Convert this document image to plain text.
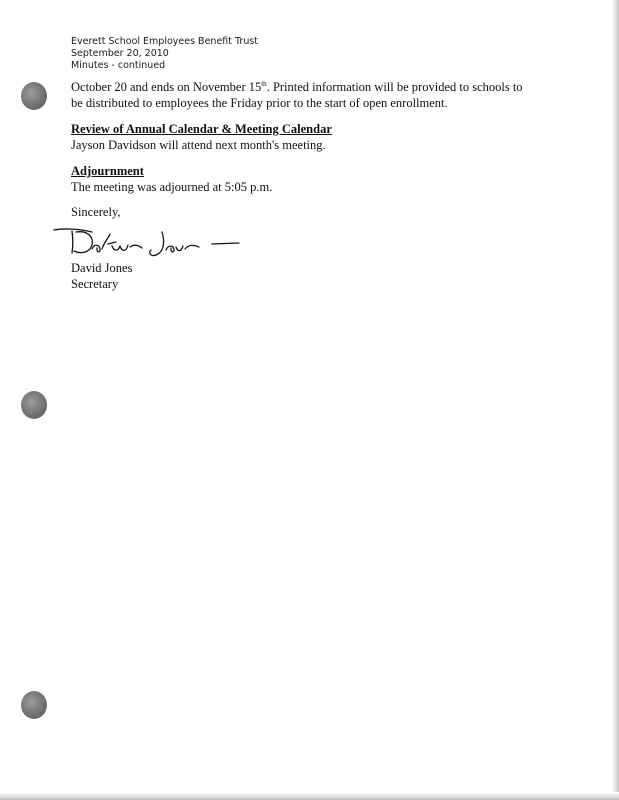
Everett School Employees Benefit Trust
September 20, 2010
Minutes - continued
October 20 and ends on November 15th. Printed information will be provided to schools to
be distributed to employees the Friday prior to the start of open enrollment.
Review of Annual Calendar & Meeting Calendar
Jayson Davidson will attend next month's meeting.
Adjournment
The meeting was adjourned at 5:05 p.m.
Sincerely,
David Jones
Secretary
